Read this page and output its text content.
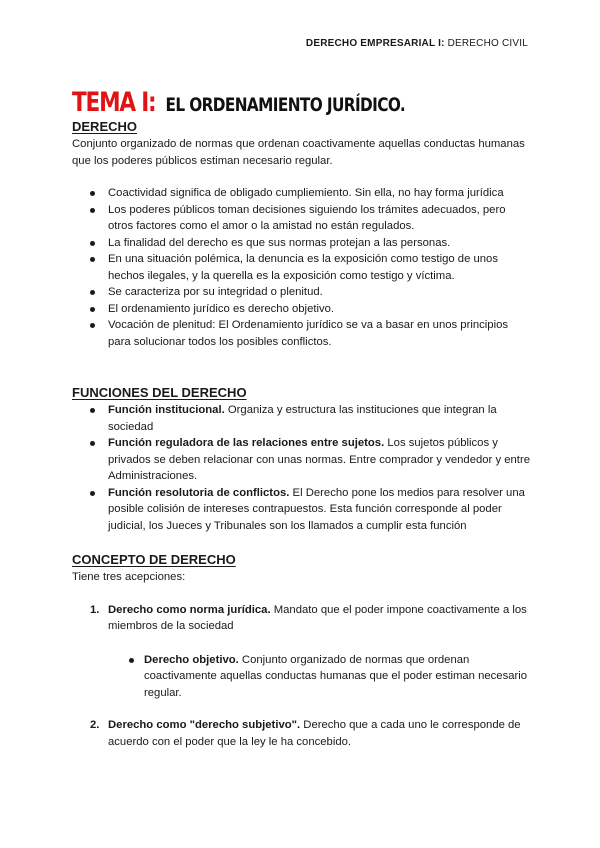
DERECHO EMPRESARIAL I: DERECHO CIVIL
TEMA I: EL ORDENAMIENTO JURÍDICO.
DERECHO

Conjunto organizado de normas que ordenan coactivamente aquellas conductas humanas que los poderes públicos estiman necesario regular.

Coactividad significa de obligado cumpliemiento. Sin ella, no hay forma jurídica
Los poderes públicos toman decisiones siguiendo los trámites adecuados, pero otros factores como el amor o la amistad no están regulados.
La finalidad del derecho es que sus normas protejan a las personas.
En una situación polémica, la denuncia es la exposición como testigo de unos hechos ilegales, y la querella es la exposición como testigo y víctima.
Se caracteriza por su integridad o plenitud.
El ordenamiento jurídico es derecho objetivo.
Vocación de plenitud: El Ordenamiento jurídico se va a basar en unos principios para solucionar todos los posibles conflictos.
FUNCIONES DEL DERECHO
Función institucional. Organiza y estructura las instituciones que integran la sociedad
Función reguladora de las relaciones entre sujetos. Los sujetos públicos y privados se deben relacionar con unas normas. Entre comprador y vendedor y entre Administraciones.
Función resolutoria de conflictos. El Derecho pone los medios para resolver una posible colisión de intereses contrapuestos. Esta función corresponde al poder judicial, los Jueces y Tribunales son los llamados a cumplir esta función
CONCEPTO DE DERECHO

Tiene tres acepciones:

1. Derecho como norma jurídica. Mandato que el poder impone coactivamente a los miembros de la sociedad
Derecho objetivo. Conjunto organizado de normas que ordenan coactivamente aquellas conductas humanas que el poder estiman necesario regular.
2. Derecho como "derecho subjetivo". Derecho que a cada uno le corresponde de acuerdo con el poder que la ley le ha concebido.
